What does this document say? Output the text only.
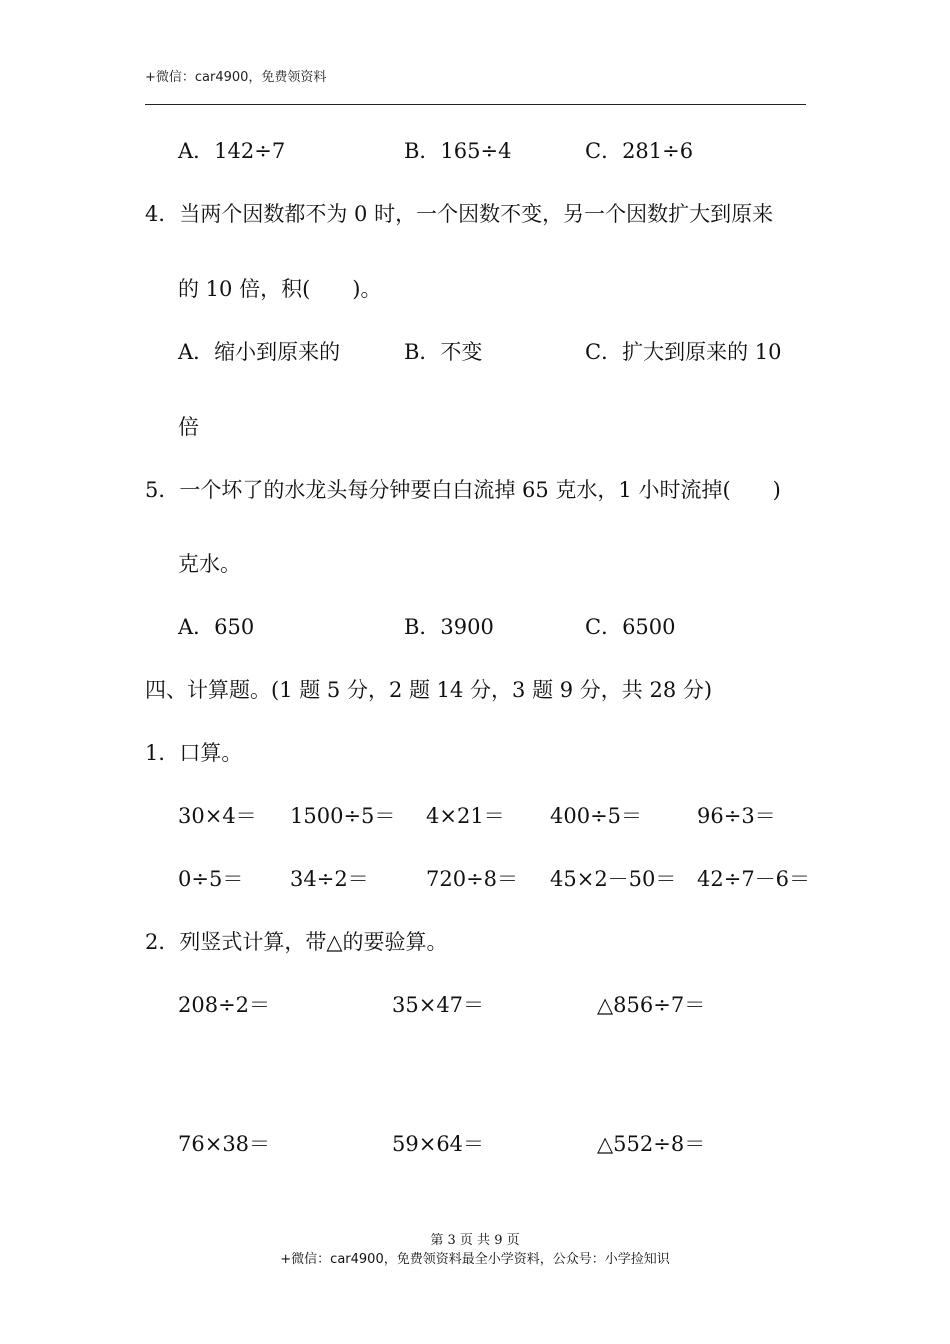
+微信：car4900，免费领资料
A．142÷7	B．165÷4	C．281÷6
4．当两个因数都不为 0 时，一个因数不变，另一个因数扩大到原来
的 10 倍，积(　　)。
A．缩小到原来的	B．不变	C．扩大到原来的 10
倍
5．一个坏了的水龙头每分钟要白白流掉 65 克水，1 小时流掉(　　)
克水。
A．650	B．3900	C．6500
四、计算题。(1 题 5 分，2 题 14 分，3 题 9 分，共 28 分)
1．口算。
30×4＝ 1500÷5＝ 4×21＝ 400÷5＝	96÷3＝
0÷5＝ 34÷2＝	720÷8＝ 45×2－50＝ 42÷7－6＝
2．列竖式计算，带△的要验算。
208÷2＝	35×47＝	△856÷7＝
76×38＝	59×64＝	△552÷8＝
第 3 页 共 9 页
+微信：car4900，免费领资料最全小学资料，公众号：小学捡知识
